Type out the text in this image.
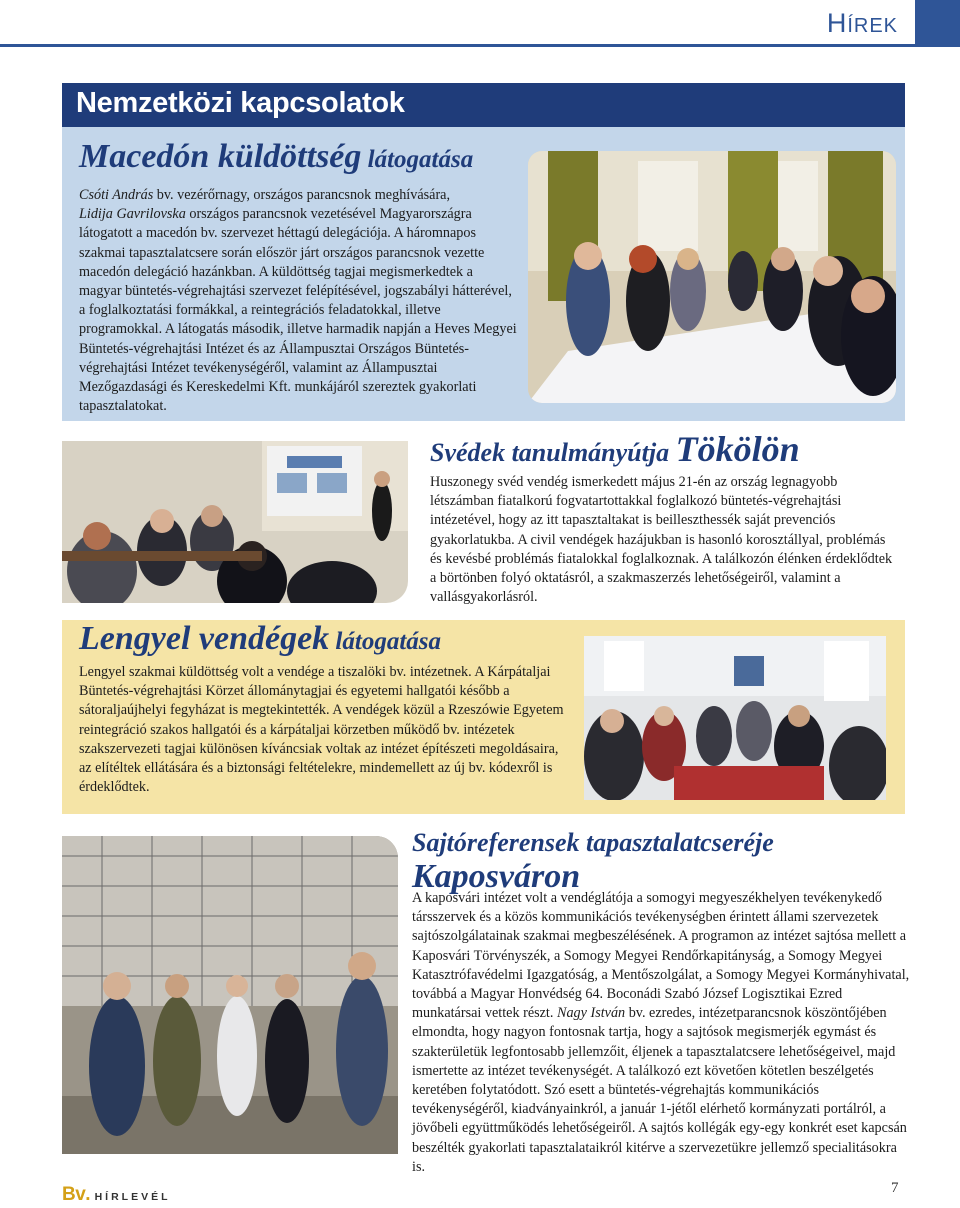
HÍREK
Nemzetközi kapcsolatok
Macedón küldöttség látogatása
Csóti András bv. vezérőrnagy, országos parancsnok meghívására,
Lidija Gavrilovska országos parancsnok vezetésével Magyarországra látogatott a macedón bv. szervezet héttagú delegációja. A háromnapos szakmai tapasztalatcsere során először járt országos parancsnok vezette macedón delegáció hazánkban. A küldöttség tagjai megismerkedtek a magyar büntetés-végrehajtási szervezet felépítésével, jogszabályi hátterével, a foglalkoztatási formákkal, a reintegrációs feladatokkal, illetve programokkal. A látogatás második, illetve harmadik napján a Heves Megyei Büntetés-végrehajtási Intézet és az Állampusztai Országos Büntetés-végrehajtási Intézet tevékenységéről, valamint az Állampusztai Mezőgazdasági és Kereskedelmi Kft. munkájáról szereztek gyakorlati tapasztalatokat.
Svédek tanulmányútja Tökölön
Huszonegy svéd vendég ismerkedett május 21-én az ország legnagyobb létszámban fiatalkorú fogvatartottakkal foglalkozó büntetés-végrehajtási intézetével, hogy az itt tapasztaltakat is beilleszthessék saját prevenciós gyakorlatukba. A civil vendégek hazájukban is hasonló korosztállyal, problémás és kevésbé problémás fiatalokkal foglalkoznak. A találkozón élénken érdeklődtek a börtönben folyó oktatásról, a szakmaszerzés lehetőségeiről, valamint a vallásgyakorlásról.
Lengyel vendégek látogatása
Lengyel szakmai küldöttség volt a vendége a tiszalöki bv. intézetnek. A Kárpátaljai Büntetés-végrehajtási Körzet állománytagjai és egyetemi hallgatói később a sátoraljaújhelyi fegyházat is megtekintették. A vendégek közül a Rzeszówie Egyetem reintegráció szakos hallgatói és a kárpátaljai körzetben működő bv. intézetek szakszervezeti tagjai különösen kíváncsiak voltak az intézet építészeti megoldásaira, az elítéltek ellátására és a biztonsági feltételekre, mindemellett az új bv. kódexről is érdeklődtek.
Sajtóreferensek tapasztalatcseréje
Kaposváron
A kaposvári intézet volt a vendéglátója a somogyi megyeszékhelyen tevékenykedő társszervek és a közös kommunikációs tevékenységben érintett állami szervezetek sajtószolgálatainak szakmai megbeszélésének. A programon az intézet sajtósa mellett a Kaposvári Törvényszék, a Somogy Megyei Rendőrkapitányság, a Somogy Megyei Katasztrófavédelmi Igazgatóság, a Mentőszolgálat, a Somogy Megyei Kormányhivatal, továbbá a Magyar Honvédség 64. Boconádi Szabó József Logisztikai Ezred munkatársai vettek részt. Nagy István bv. ezredes, intézetparancsnok köszöntőjében elmondta, hogy nagyon fontosnak tartja, hogy a sajtósok megismerjék egymást és szakterületük legfontosabb jellemzőit, éljenek a tapasztalatcsere lehetőségeivel, majd ismertette az intézet tevékenységét. A találkozó ezt követően kötetlen beszélgetés keretében folytatódott. Szó esett a büntetés-végrehajtás kommunikációs tevékenységéről, kiadványainkról, a január 1-jétől elérhető kormányzati portálról, a jövőbeli együttműködés lehetőségeiről. A sajtós kollégák egy-egy konkrét eset kapcsán beszélték gyakorlati tapasztalataikról kitérve a szervezetükre jellemző specialitásokra is.
Bv. HÍRLEVÉL
7
